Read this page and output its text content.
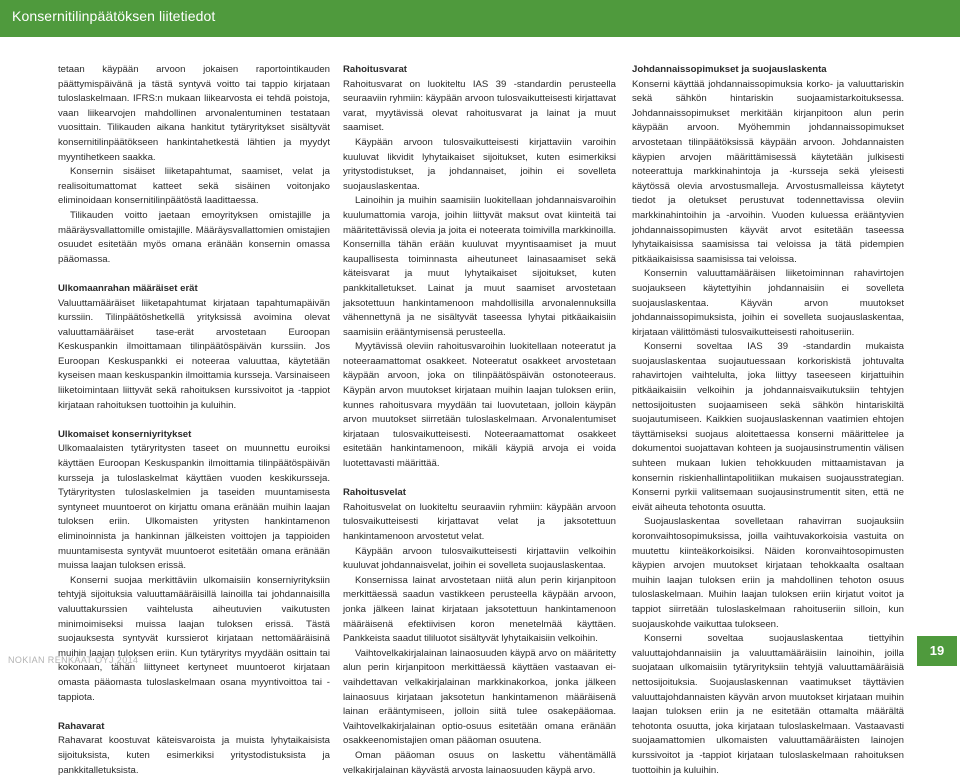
Konsernitilinpäätöksen liitetiedot

tetaan käypään arvoon jokaisen raportointikauden päättymispäivänä ja tästä syntyvä voitto tai tappio kirjataan tuloslaskelmaan. IFRS:n mukaan liikearvosta ei tehdä poistoja, vaan liikearvojen mahdollinen arvonalentuminen testataan vuosittain. Tilikauden aikana hankitut tytäryritykset sisältyvät konsernitilinpäätökseen hankintahetkestä lähtien ja myydyt myyntihetkeen saakka.

Konsernin sisäiset liiketapahtumat, saamiset, velat ja realisoitumattomat katteet sekä sisäinen voitonjako eliminoidaan konsernitilinpäätöstä laadittaessa.

Tilikauden voitto jaetaan emoyrityksen omistajille ja määräysvallattomille omistajille. Määräysvallattomien omistajien osuudet esitetään myös omana eränään konsernin omassa pääomassa.

Ulkomaanrahan määräiset erät

Valuuttamääräiset liiketapahtumat kirjataan tapahtumapäivän kurssiin. Tilinpäätöshetkellä yrityksissä avoimina olevat valuuttamääräiset tase-erät arvostetaan Euroopan Keskuspankin ilmoittamaan tilinpäätöspäivän kurssiin. Jos Euroopan Keskuspankki ei noteeraa valuuttaa, käytetään kyseisen maan keskuspankin ilmoittamia kursseja. Varsinaiseen liiketoimintaan liittyvät sekä rahoituksen kurssivoitot ja -tappiot kirjataan rahoituksen tuottoihin ja kuluihin.

Ulkomaiset konserniyritykset

Ulkomaalaisten tytäryritysten taseet on muunnettu euroiksi käyttäen Euroopan Keskuspankin ilmoittamia tilinpäätöspäivän kursseja ja tuloslaskelmat käyttäen vuoden keskikursseja. Tytäryritysten tuloslaskelmien ja taseiden muuntamisesta syntyneet muuntoerot on kirjattu omana eränään muihin laajan tuloksen eriin. Ulkomaisten yritysten hankintamenon eliminoinnista ja hankinnan jälkeisten voittojen ja tappioiden muuntamisesta syntyvät muuntoerot esitetään omana eränään muissa laajan tuloksen erissä.

Konserni suojaa merkittäviin ulkomaisiin konserniyrityksiin tehtyjä sijoituksia valuuttamääräisillä lainoilla tai johdannaisilla valuuttakurssien vaihtelusta aiheutuvien vaikutusten minimoimiseksi muissa laajan tuloksen erissä. Tästä suojauksesta syntyvät kurssierot kirjataan nettomääräisinä muihin laajan tuloksen eriin. Kun tytäryritys myydään osittain tai kokonaan, tähän liittyneet kertyneet muuntoerot kirjataan omasta pääomasta tuloslaskelmaan osana myyntivoittoa tai -tappiota.

Rahavarat

Rahavarat koostuvat käteisvaroista ja muista lyhytaikaisista sijoituksista, kuten esimerkiksi yritystodistuksista ja pankkitalletuksista.

Rahoitusvarat

Rahoitusvarat on luokiteltu IAS 39 -standardin perusteella seuraaviin ryhmiin: käypään arvoon tulosvaikutteisesti kirjattavat varat, myytävissä olevat rahoitusvarat ja lainat ja muut saamiset.

Käypään arvoon tulosvaikutteisesti kirjattaviin varoihin kuuluvat likvidit lyhytaikaiset sijoitukset, kuten esimerkiksi yritystodistukset, ja johdannaiset, joihin ei sovelleta suojauslaskentaa.

Lainoihin ja muihin saamisiin luokitellaan johdannaisvaroihin kuulumattomia varoja, joihin liittyvät maksut ovat kiinteitä tai määritettävissä olevia ja joita ei noteerata toimivilla markkinoilla. Konsernilla tähän erään kuuluvat myyntisaamiset ja muut kaupallisesta toiminnasta aiheutuneet lainasaamiset sekä käteisvarat ja muut lyhytaikaiset sijoitukset, kuten pankkitalletukset. Lainat ja muut saamiset arvostetaan jaksotettuun hankintamenoon mahdollisilla arvonalennuksilla vähennettynä ja ne sisältyvät taseessa lyhytai pitkäaikaisiin saamisiin erääntymisensä perusteella.

Myytävissä oleviin rahoitusvaroihin luokitellaan noteeratut ja noteeraamattomat osakkeet. Noteeratut osakkeet arvostetaan käypään arvoon, joka on tilinpäätöspäivän ostonoteeraus. Käypän arvon muutokset kirjataan muihin laajan tuloksen eriin, kunnes rahoitusvara myydään tai luovutetaan, jolloin käypän arvon muutokset siirretään tuloslaskelmaan. Arvonalentumiset kirjataan tulosvaikutteisesti. Noteeraamattomat osakkeet esitetään hankintamenoon, mikäli käypiä arvoja ei voida luotettavasti määrittää.

Rahoitusvelat

Rahoitusvelat on luokiteltu seuraaviin ryhmiin: käypään arvoon tulosvaikutteisesti kirjattavat velat ja jaksotettuun hankintamenoon arvostetut velat.

Käypään arvoon tulosvaikutteisesti kirjattaviin velkoihin kuuluvat johdannaisvelat, joihin ei sovelleta suojauslaskentaa.

Konsernissa lainat arvostetaan niitä alun perin kirjanpitoon merkittäessä saadun vastikkeen perusteella käypään arvoon, jonka jälkeen lainat kirjataan jaksotettuun hankintamenoon määräisenä efektiivisen koron menetelmää käyttäen. Pankkeista saadut tililuotot sisältyvät lyhytaikaisiin velkoihin.

Vaihtovelkakirjalainan lainaosuuden käypä arvo on määritetty alun perin kirjanpitoon merkittäessä käyttäen vastaavan ei-vaihdettavan velkakirjalainan markkinakorkoa, jonka jälkeen lainaosuus kirjataan jaksotetun hankintamenon määräisenä lainan erääntymiseen, jolloin siitä tulee osakepääomaa. Vaihtovelkakirjalainan optio-osuus esitetään omana eränään osakkeenomistajien oman pääoman osuutena.

Oman pääoman osuus on laskettu vähentämällä velkakirjalainan käyvästä arvosta lainaosuuden käypä arvo.

Johdannaissopimukset ja suojauslaskenta

Konserni käyttää johdannaissopimuksia korko- ja valuuttariskin sekä sähkön hintariskin suojaamistarkoituksessa. Johdannaissopimukset merkitään kirjanpitoon alun perin käypään arvoon. Myöhemmin johdannaissopimukset arvostetaan tilinpäätöksissä käypään arvoon. Johdannaisten käypien arvojen määrittämisessä käytetään julkisesti noteerattuja markkinahintoja ja -kursseja sekä yleisesti käytössä olevia arvostusmalleja. Arvostusmalleissa käytetyt tiedot ja oletukset perustuvat todennettavissa oleviin markkinahintoihin ja -arvoihin. Vuoden kuluessa erääntyvien johdannaissopimusten käyvät arvot esitetään taseessa lyhytaikaisissa saamisissa tai veloissa ja tätä pidempien pitkäaikaisissa saamisissa tai veloissa.

Konsernin valuuttamääräisen liiketoiminnan rahavirtojen suojaukseen käytettyihin johdannaisiin ei sovelleta suojauslaskentaa. Käyvän arvon muutokset johdannaissopimuksista, joihin ei sovelleta suojauslaskentaa, kirjataan välittömästi tulosvaikutteisesti rahoituseriin.

Konserni soveltaa IAS 39 -standardin mukaista suojauslaskentaa suojautuessaan korkoriskistä johtuvalta rahavirtojen vaihtelulta, joka liittyy taseeseen kirjattuihin pitkäaikaisiin velkoihin ja johdannaisvaikutuksiin tehtyjen nettosijoitusten suojaamiseen sekä sähkön hintariskiltä suojautumiseen. Kaikkien suojauslaskennan vaatimien ehtojen täyttämiseksi suojaus aloitettaessa konserni määrittelee ja dokumentoi suojattavan kohteen ja suojausinstrumentin välisen suhteen mukaan lukien tehokkuuden mittaamistavan ja konsernin riskienhallintapolitiikan mukaisen suojausstrategian. Konserni pyrkii valitsemaan suojausinstrumentit siten, että ne eivät aiheuta tehotonta osuutta.

Suojauslaskentaa sovelletaan rahavirran suojauksiin koronvaihtosopimuksissa, joilla vaihtuvakorkoisia vastuita on muutettu kiinteäkorkoisiksi. Näiden koronvaihtosopimusten käypien arvojen muutokset kirjataan tehokkaalta osaltaan muihin laajan tuloksen eriin ja mahdollinen tehoton osuus tuloslaskelmaan. Muihin laajan tuloksen eriin kirjatut voitot ja tappiot siirretään tuloslaskelmaan rahoituseriin silloin, kun suojauskohde vaikuttaa tulokseen.

Konserni soveltaa suojauslaskentaa tiettyihin valuuttajohdannaisiin ja valuuttamääräisiin lainoihin, joilla suojataan ulkomaisiin tytäryrityksiin tehtyjä valuuttamääräisiä nettosijoituksia. Suojauslaskennan vaatimukset täyttävien valuuttajohdannaisten käyvän arvon muutokset kirjataan muihin laajan tuloksen eriin ja ne esitetään ottamalta määrältä tehotonta osuutta, joka kirjataan tuloslaskelmaan. Vastaavasti suojaamattomien ulkomaisten valuuttamääräisten lainojen kurssivoitot ja -tappiot kirjataan tuloslaskelmaan rahoituksen tuottoihin ja kuluihin.

NOKIAN RENKAAT OYJ 2014
19
